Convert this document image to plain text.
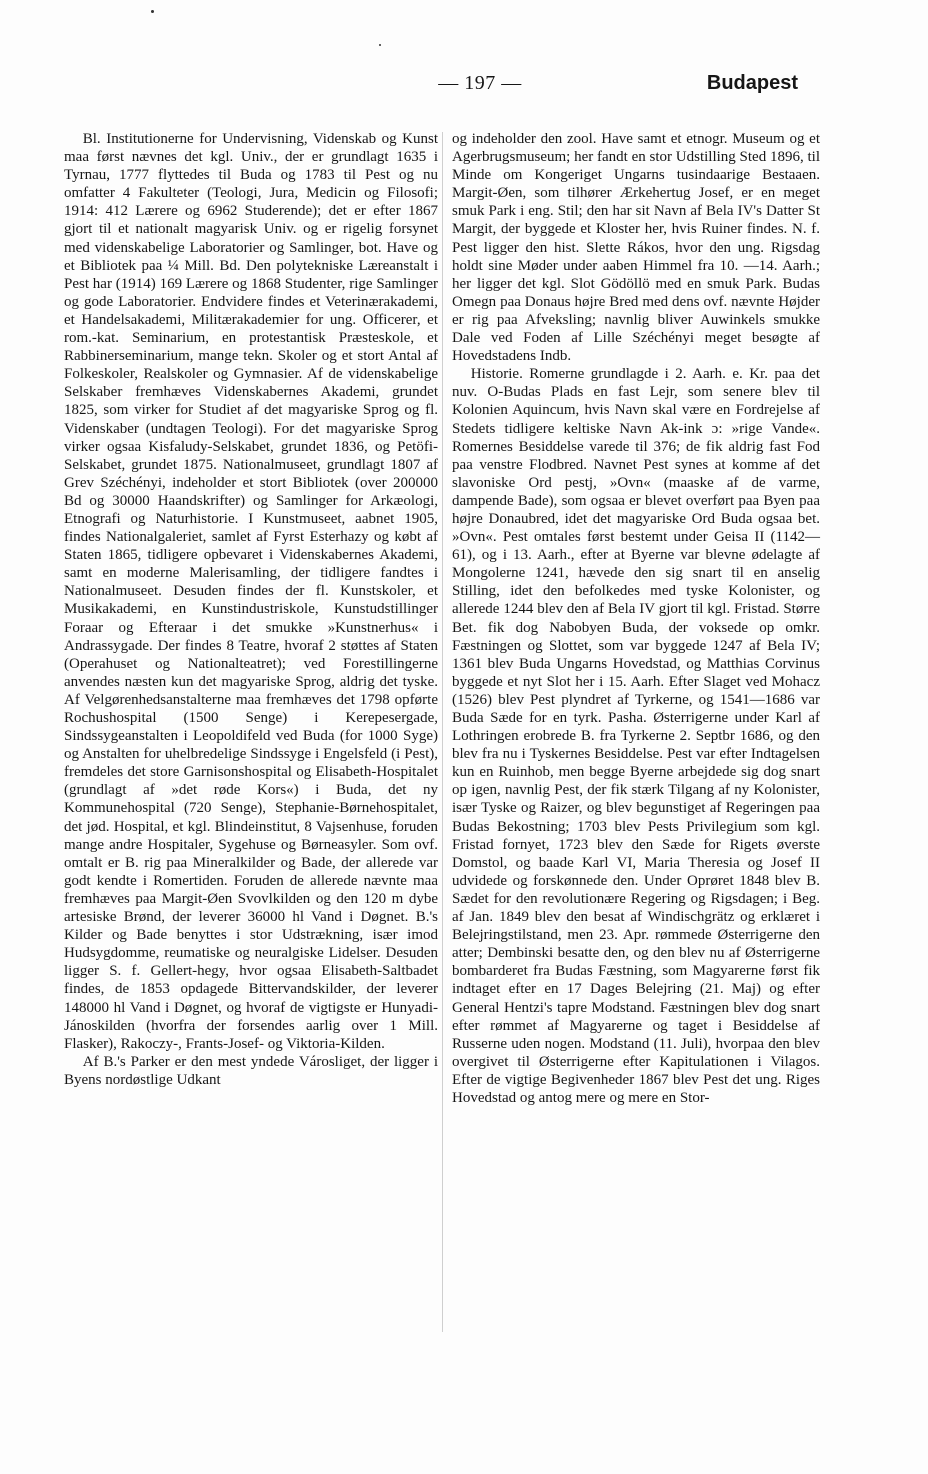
— 197 —	Budapest

Bl. Institutionerne for Undervisning, Videnskab og Kunst maa først nævnes det kgl. Univ., der er grundlagt 1635 i Tyrnau, 1777 flyttedes til Buda og 1783 til Pest og nu omfatter 4 Fakulteter (Teologi, Jura, Medicin og Filosofi; 1914: 412 Lærere og 6962 Studerende); det er efter 1867 gjort til et nationalt magyarisk Univ. og er rigelig forsynet med videnskabelige Laboratorier og Samlinger, bot. Have og et Bibliotek paa ¼ Mill. Bd. Den polytekniske Læreanstalt i Pest har (1914) 169 Lærere og 1868 Studenter, rige Samlinger og gode Laboratorier. Endvidere findes et Veterinærakademi, et Handelsakademi, Militærakademier for ung. Officerer, et rom.-kat. Seminarium, en protestantisk Præsteskole, et Rabbinerseminarium, mange tekn. Skoler og et stort Antal af Folkeskoler, Realskoler og Gymnasier. Af de videnskabelige Selskaber fremhæves Videnskabernes Akademi, grundet 1825, som virker for Studiet af det magyariske Sprog og fl. Videnskaber (undtagen Teologi). For det magyariske Sprog virker ogsaa Kisfaludy-Selskabet, grundet 1836, og Petöfi-Selskabet, grundet 1875. Nationalmuseet, grundlagt 1807 af Grev Széchényi, indeholder et stort Bibliotek (over 200000 Bd og 30000 Haandskrifter) og Samlinger for Arkæologi, Etnografi og Naturhistorie. I Kunstmuseet, aabnet 1905, findes Nationalgaleriet, samlet af Fyrst Esterhazy og købt af Staten 1865, tidligere opbevaret i Videnskabernes Akademi, samt en moderne Malerisamling, der tidligere fandtes i Nationalmuseet. Desuden findes der fl. Kunstskoler, et Musikakademi, en Kunstindustriskole, Kunstudstillinger Foraar og Efteraar i det smukke »Kunstnerhus« i Andrassygade. Der findes 8 Teatre, hvoraf 2 støttes af Staten (Operahuset og Nationalteatret); ved Forestillingerne anvendes næsten kun det magyariske Sprog, aldrig det tyske. Af Velgørenhedsanstalterne maa fremhæves det 1798 opførte Rochushospital (1500 Senge) i Kerepesergade, Sindssygeanstalten i Leopoldifeld ved Buda (for 1000 Syge) og Anstalten for uhelbredelige Sindssyge i Engelsfeld (i Pest), fremdeles det store Garnisonshospital og Elisabeth-Hospitalet (grundlagt af »det røde Kors«) i Buda, det ny Kommunehospital (720 Senge), Stephanie-Børnehospitalet, det jød. Hospital, et kgl. Blindeinstitut, 8 Vajsenhuse, foruden mange andre Hospitaler, Sygehuse og Børneasyler. Som ovf. omtalt er B. rig paa Mineralkilder og Bade, der allerede var godt kendte i Romertiden. Foruden de allerede nævnte maa fremhæves paa Margit-Øen Svovlkilden og den 120 m dybe artesiske Brønd, der leverer 36000 hl Vand i Døgnet. B.'s Kilder og Bade benyttes i stor Udstrækning, især imod Hudsygdomme, reumatiske og neuralgiske Lidelser. Desuden ligger S. f. Gellert-hegy, hvor ogsaa Elisabeth-Saltbadet findes, de 1853 opdagede Bittervandskilder, der leverer 148000 hl Vand i Døgnet, og hvoraf de vigtigste er Hunyadi-Jánoskilden (hvorfra der forsendes aarlig over 1 Mill. Flasker), Rakoczy-, Frants-Josef- og Viktoria-Kilden.

Af B.'s Parker er den mest yndede Városliget, der ligger i Byens nordøstlige Udkant

og indeholder den zool. Have samt et etnogr. Museum og et Agerbrugsmuseum; her fandt en stor Udstilling Sted 1896, til Minde om Kongeriget Ungarns tusindaarige Bestaaen. Margit-Øen, som tilhører Ærkehertug Josef, er en meget smuk Park i eng. Stil; den har sit Navn af Bela IV's Datter St Margit, der byggede et Kloster her, hvis Ruiner findes. N. f. Pest ligger den hist. Slette Rákos, hvor den ung. Rigsdag holdt sine Møder under aaben Himmel fra 10. —14. Aarh.; her ligger det kgl. Slot Gödöllö med en smuk Park. Budas Omegn paa Donaus højre Bred med dens ovf. nævnte Højder er rig paa Afveksling; navnlig bliver Auwinkels smukke Dale ved Foden af Lille Széchényi meget besøgte af Hovedstadens Indb.

Historie. Romerne grundlagde i 2. Aarh. e. Kr. paa det nuv. O-Budas Plads en fast Lejr, som senere blev til Kolonien Aquincum, hvis Navn skal være en Fordrejelse af Stedets tidligere keltiske Navn Ak-ink ɔ: »rige Vande«. Romernes Besiddelse varede til 376; de fik aldrig fast Fod paa venstre Flodbred. Navnet Pest synes at komme af det slavoniske Ord pestj, »Ovn« (maaske af de varme, dampende Bade), som ogsaa er blevet overført paa Byen paa højre Donaubred, idet det magyariske Ord Buda ogsaa bet. »Ovn«. Pest omtales først bestemt under Geisa II (1142—61), og i 13. Aarh., efter at Byerne var blevne ødelagte af Mongolerne 1241, hævede den sig snart til en anselig Stilling, idet den befolkedes med tyske Kolonister, og allerede 1244 blev den af Bela IV gjort til kgl. Fristad. Større Bet. fik dog Nabobyen Buda, der voksede op omkr. Fæstningen og Slottet, som var byggede 1247 af Bela IV; 1361 blev Buda Ungarns Hovedstad, og Matthias Corvinus byggede et nyt Slot her i 15. Aarh. Efter Slaget ved Mohacz (1526) blev Pest plyndret af Tyrkerne, og 1541—1686 var Buda Sæde for en tyrk. Pasha. Østerrigerne under Karl af Lothringen erobrede B. fra Tyrkerne 2. Septbr 1686, og den blev fra nu i Tyskernes Besiddelse. Pest var efter Indtagelsen kun en Ruinhob, men begge Byerne arbejdede sig dog snart op igen, navnlig Pest, der fik stærk Tilgang af ny Kolonister, især Tyske og Raizer, og blev begunstiget af Regeringen paa Budas Bekostning; 1703 blev Pests Privilegium som kgl. Fristad fornyet, 1723 blev den Sæde for Rigets øverste Domstol, og baade Karl VI, Maria Theresia og Josef II udvidede og forskønnede den. Under Oprøret 1848 blev B. Sædet for den revolutionære Regering og Rigsdagen; i Beg. af Jan. 1849 blev den besat af Windischgrätz og erklæret i Belejringstilstand, men 23. Apr. rømmede Østerrigerne den atter; Dembinski besatte den, og den blev nu af Østerrigerne bombarderet fra Budas Fæstning, som Magyarerne først fik indtaget efter en 17 Dages Belejring (21. Maj) og efter General Hentzi's tapre Modstand. Fæstningen blev dog snart efter rømmet af Magyarerne og taget i Besiddelse af Russerne uden nogen. Modstand (11. Juli), hvorpaa den blev overgivet til Østerrigerne efter Kapitulationen i Vilagos. Efter de vigtige Begivenheder 1867 blev Pest det ung. Riges Hovedstad og antog mere og mere en Stor-
